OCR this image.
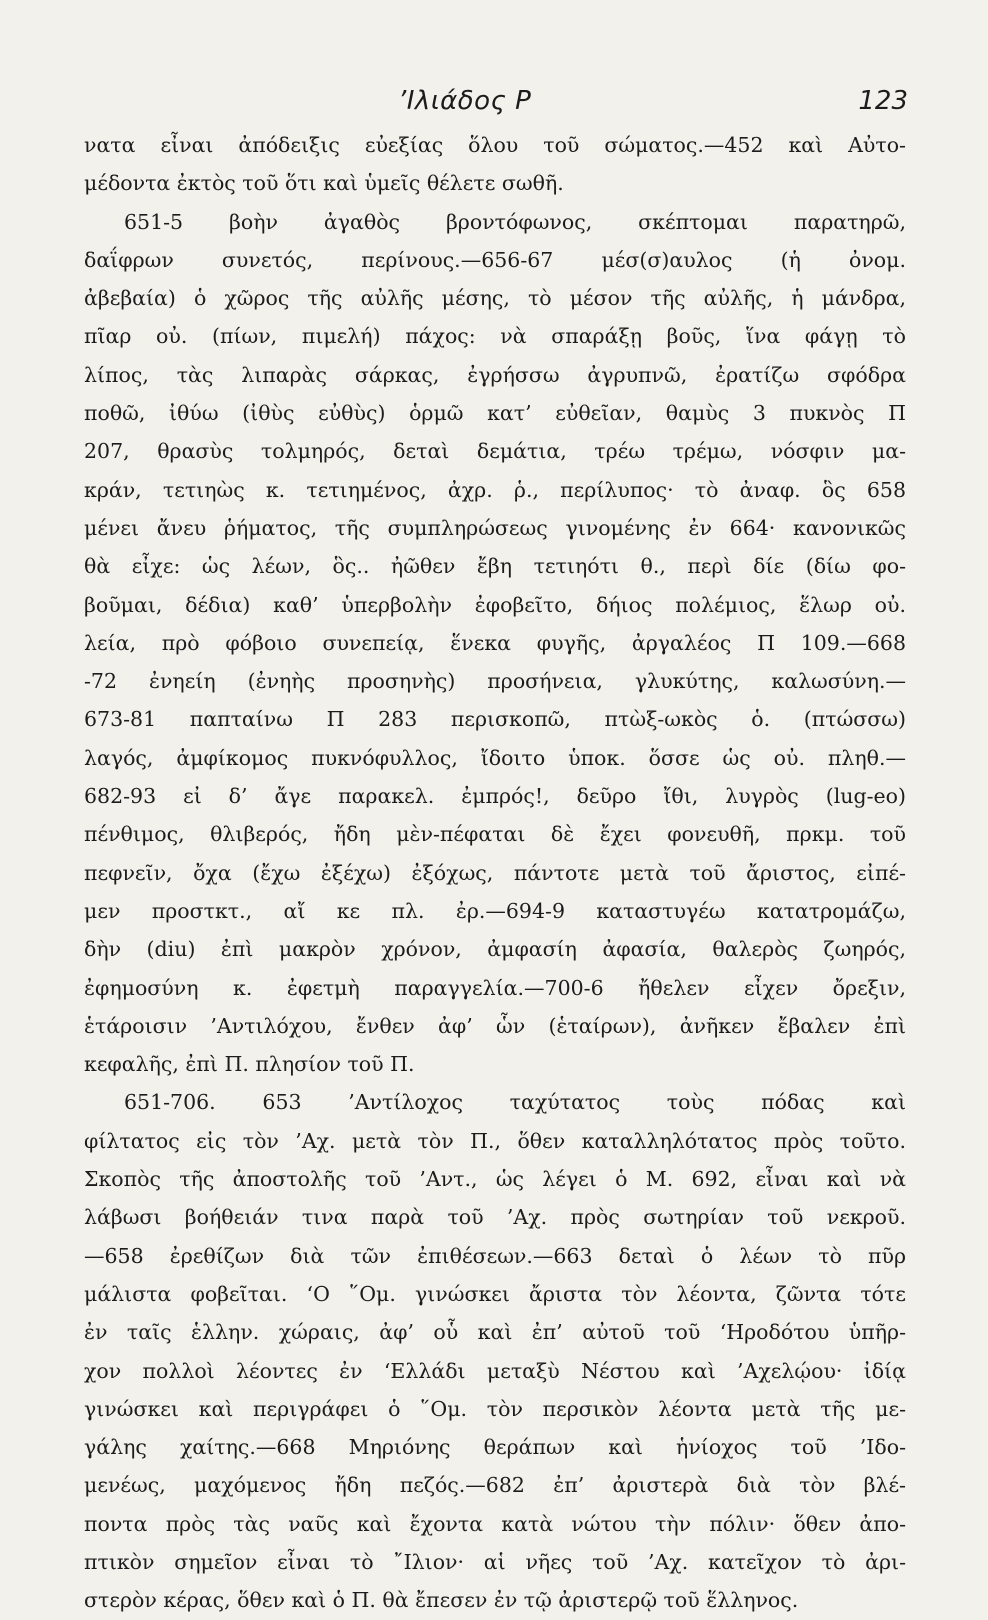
’Ιλιάδος Ρ	123
νατα εἶναι ἀπόδειξις εὐεξίας ὅλου τοῦ σώματος.—452 καὶ Αὐτο-
μέδοντα ἐκτὸς τοῦ ὅτι καὶ ὑμεῖς θέλετε σωθῆ.
651-5 βοὴν ἀγαθὸς βροντόφωνος, σκέπτομαι παρατηρῶ,
δαΐφρων συνετός, περίνους.—656-67 μέσ(σ)αυλος (ἡ ὀνομ.
ἀβεβαία) ὁ χῶρος τῆς αὐλῆς μέσης, τὸ μέσον τῆς αὐλῆς, ἡ μάνδρα,
πῖαρ οὐ. (πίων, πιμελή) πάχος: νὰ σπαράξῃ βοῦς, ἵνα φάγῃ τὸ
λίπος, τὰς λιπαρὰς σάρκας, ἐγρήσσω ἀγρυπνῶ, ἐρατίζω σφόδρα
ποθῶ, ἰθύω (ἰθὺς εὐθὺς) ὁρμῶ κατ’ εὐθεῖαν, θαμὺς 3 πυκνὸς Π
207, θρασὺς τολμηρός, δεταὶ δεμάτια, τρέω τρέμω, νόσφιν μα-
κράν, τετιηὼς κ. τετιημένος, ἀχρ. ῥ., περίλυπος· τὸ ἀναφ. ὃς 658
μένει ἄνευ ῥήματος, τῆς συμπληρώσεως γινομένης ἐν 664· κανονικῶς
θὰ εἶχε: ὡς λέων, ὃς.. ἠῶθεν ἔβη τετιηότι θ., περὶ δίε (δίω φο-
βοῦμαι, δέδια) καθ’ ὑπερβολὴν ἐφοβεῖτο, δήιος πολέμιος, ἕλωρ οὐ.
λεία, πρὸ φόβοιο συνεπείᾳ, ἕνεκα φυγῆς, ἀργαλέος Π 109.—668
-72 ἐνηείη (ἐνηὴς προσηνὴς) προσήνεια, γλυκύτης, καλωσύνη.—
673-81 παπταίνω Π 283 περισκοπῶ, πτὼξ-ωκὸς ὁ. (πτώσσω)
λαγός, ἀμφίκομος πυκνόφυλλος, ἴδοιτο ὑποκ. ὅσσε ὡς οὐ. πληθ.—
682-93 εἰ δ’ ἄγε παρακελ. ἐμπρός!, δεῦρο ἴθι, λυγρὸς (lug-eo)
πένθιμος, θλιβερός, ἤδη μὲν-πέφαται δὲ ἔχει φονευθῆ, πρκμ. τοῦ
πεφνεῖν, ὄχα (ἔχω ἐξέχω) ἐξόχως, πάντοτε μετὰ τοῦ ἄριστος, εἰπέ-
μεν προστκτ., αἴ κε πλ. ἐρ.—694-9 καταστυγέω κατατρομάζω,
δὴν (diu) ἐπὶ μακρὸν χρόνον, ἀμφασίη ἀφασία, θαλερὸς ζωηρός,
ἐφημοσύνη κ. ἐφετμὴ παραγγελία.—700-6 ἤθελεν εἶχεν ὄρεξιν,
ἑτάροισιν ’Αντιλόχου, ἔνθεν ἀφ’ ὧν (ἑταίρων), ἀνῆκεν ἔβαλεν ἐπὶ
κεφαλῆς, ἐπὶ Π. πλησίον τοῦ Π.
651-706. 653 ’Αντίλοχος ταχύτατος τοὺς πόδας καὶ
φίλτατος εἰς τὸν ’Αχ. μετὰ τὸν Π., ὅθεν καταλληλότατος πρὸς τοῦτο.
Σκοπὸς τῆς ἀποστολῆς τοῦ ’Αντ., ὡς λέγει ὁ Μ. 692, εἶναι καὶ νὰ
λάβωσι βοήθειάν τινα παρὰ τοῦ ’Αχ. πρὸς σωτηρίαν τοῦ νεκροῦ.
—658 ἐρεθίζων διὰ τῶν ἐπιθέσεων.—663 δεταὶ ὁ λέων τὸ πῦρ
μάλιστα φοβεῖται. ‘Ο ῞Ομ. γινώσκει ἄριστα τὸν λέοντα, ζῶντα τότε
ἐν ταῖς ἑλλην. χώραις, ἀφ’ οὗ καὶ ἐπ’ αὐτοῦ τοῦ ‘Ηροδότου ὑπῆρ-
χον πολλοὶ λέοντες ἐν ‘Ελλάδι μεταξὺ Νέστου καὶ ’Αχελῴου· ἰδίᾳ
γινώσκει καὶ περιγράφει ὁ ῞Ομ. τὸν περσικὸν λέοντα μετὰ τῆς με-
γάλης χαίτης.—668 Μηριόνης θεράπων καὶ ἡνίοχος τοῦ ’Ιδο-
μενέως, μαχόμενος ἤδη πεζός.—682 ἐπ’ ἀριστερὰ διὰ τὸν βλέ-
ποντα πρὸς τὰς ναῦς καὶ ἔχοντα κατὰ νώτου τὴν πόλιν· ὅθεν ἀπο-
πτικὸν σημεῖον εἶναι τὸ ῎Ιλιον· αἱ νῆες τοῦ ’Αχ. κατεῖχον τὸ ἀρι-
στερὸν κέρας, ὅθεν καὶ ὁ Π. θὰ ἔπεσεν ἐν τῷ ἀριστερῷ τοῦ ἕλληνος.
